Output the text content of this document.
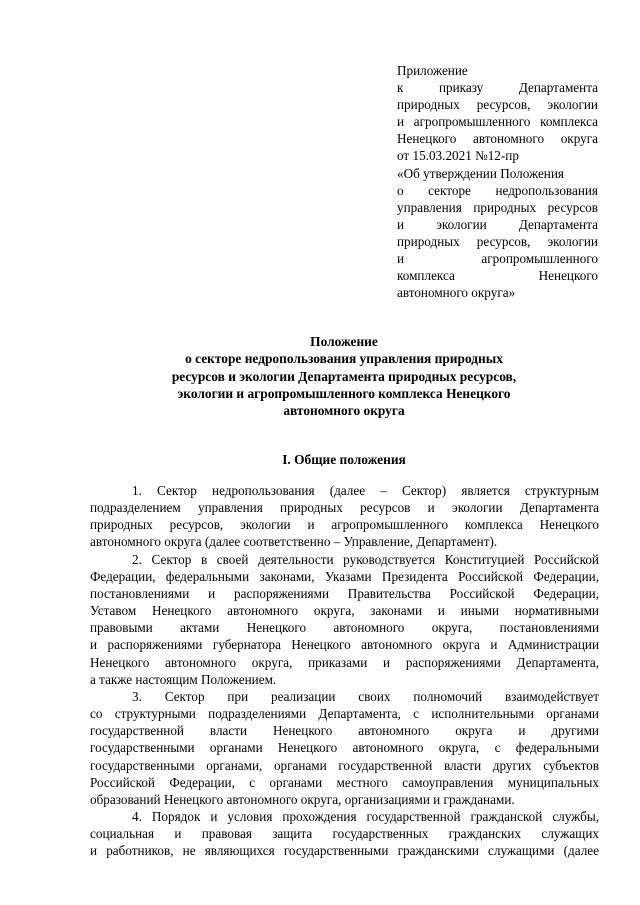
Приложение
к приказу Департамента
природных ресурсов, экологии
и агропромышленного комплекса
Ненецкого автономного округа
от 15.03.2021 №12-пр
«Об утверждении Положения
о секторе недропользования
управления природных ресурсов
и экологии Департамента
природных ресурсов, экологии
и агропромышленного
комплекса Ненецкого
автономного округа»
Положение
о секторе недропользования управления природных
ресурсов и экологии Департамента природных ресурсов,
экологии и агропромышленного комплекса Ненецкого
автономного округа
I. Общие положения
1. Сектор недропользования (далее – Сектор) является структурным
подразделением управления природных ресурсов и экологии Департамента
природных ресурсов, экологии и агропромышленного комплекса Ненецкого
автономного округа (далее соответственно – Управление, Департамент).
2. Сектор в своей деятельности руководствуется Конституцией Российской
Федерации, федеральными законами, Указами Президента Российской Федерации,
постановлениями и распоряжениями Правительства Российской Федерации,
Уставом Ненецкого автономного округа, законами и иными нормативными
правовыми актами Ненецкого автономного округа, постановлениями
и распоряжениями губернатора Ненецкого автономного округа и Администрации
Ненецкого автономного округа, приказами и распоряжениями Департамента,
а также настоящим Положением.
3. Сектор при реализации своих полномочий взаимодействует
со структурными подразделениями Департамента, с исполнительными органами
государственной власти Ненецкого автономного округа и другими
государственными органами Ненецкого автономного округа, с федеральными
государственными органами, органами государственной власти других субъектов
Российской Федерации, с органами местного самоуправления муниципальных
образований Ненецкого автономного округа, организациями и гражданами.
4. Порядок и условия прохождения государственной гражданской службы,
социальная и правовая защита государственных гражданских служащих
и работников, не являющихся государственными гражданскими служащими (далее
